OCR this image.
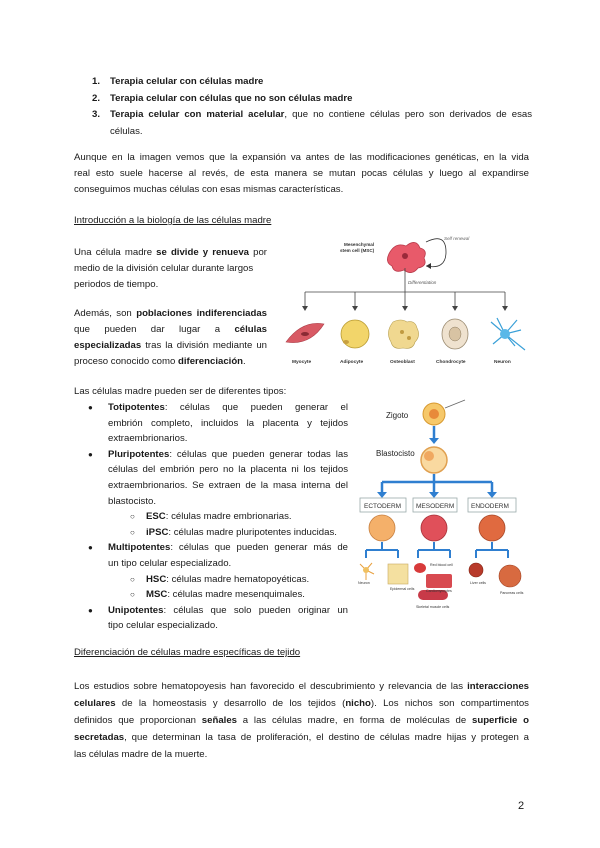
1.	Terapia celular con células madre
2.	Terapia celular con células que no son células madre
3.	Terapia celular con material acelular, que no contiene células pero son derivados de esas
células.
Aunque en la imagen vemos que la expansión va antes de las modificaciones genéticas, en la vida
real esto suele hacerse al revés, de esta manera se mutan pocas células y luego al expandirse
conseguimos muchas células con esas mismas características.
Introducción a la biología de las células madre
Una célula madre se divide y renueva por
medio de la división celular durante largos
periodos de tiempo.
Además, son poblaciones indiferenciadas
que pueden dar lugar a células
especializadas tras la división mediante un
proceso conocido como diferenciación.
Self renewal
Mesenchymal
stem cell (MSC)
Differentiation
Myocyte	Adipocyte	Osteoblast	Chondrocyte	Neuron
Las células madre pueden ser de diferentes tipos:
●	Totipotentes: células que pueden generar el
embrión completo, incluidos la placenta y tejidos
extraembrionarios.
●	Pluripotentes: células que pueden generar todas las
células del embrión pero no la placenta ni los tejidos
extraembrionarios. Se extraen de la masa interna del
blastocisto.
○	ESC: células madre embrionarias.
○	iPSC: células madre pluripotentes inducidas.
●	Multipotentes: células que pueden generar más de
un tipo celular especializado.
○	HSC: células madre hematopoyéticas.
○	MSC: células madre mesenquimales.
●	Unipotentes: células que solo pueden originar un
tipo celular especializado.
Zigoto
Blastocisto
ECTODERM MESODERM	ENDODERM
Neuron
Epidermal cells
Red blood cell
Cardiomyocytes
Skeletal muscle cells
Liver cells
Pancreas cells
Diferenciación de células madre específicas de tejido
Los estudios sobre hematopoyesis han favorecido el descubrimiento y relevancia de las interacciones
celulares de la homeostasis y desarrollo de los tejidos (nicho). Los nichos son compartimentos
definidos que proporcionan señales a las células madre, en forma de moléculas de superficie o
secretadas, que determinan la tasa de proliferación, el destino de células madre hijas y protegen a
las células madre de la muerte.
2
